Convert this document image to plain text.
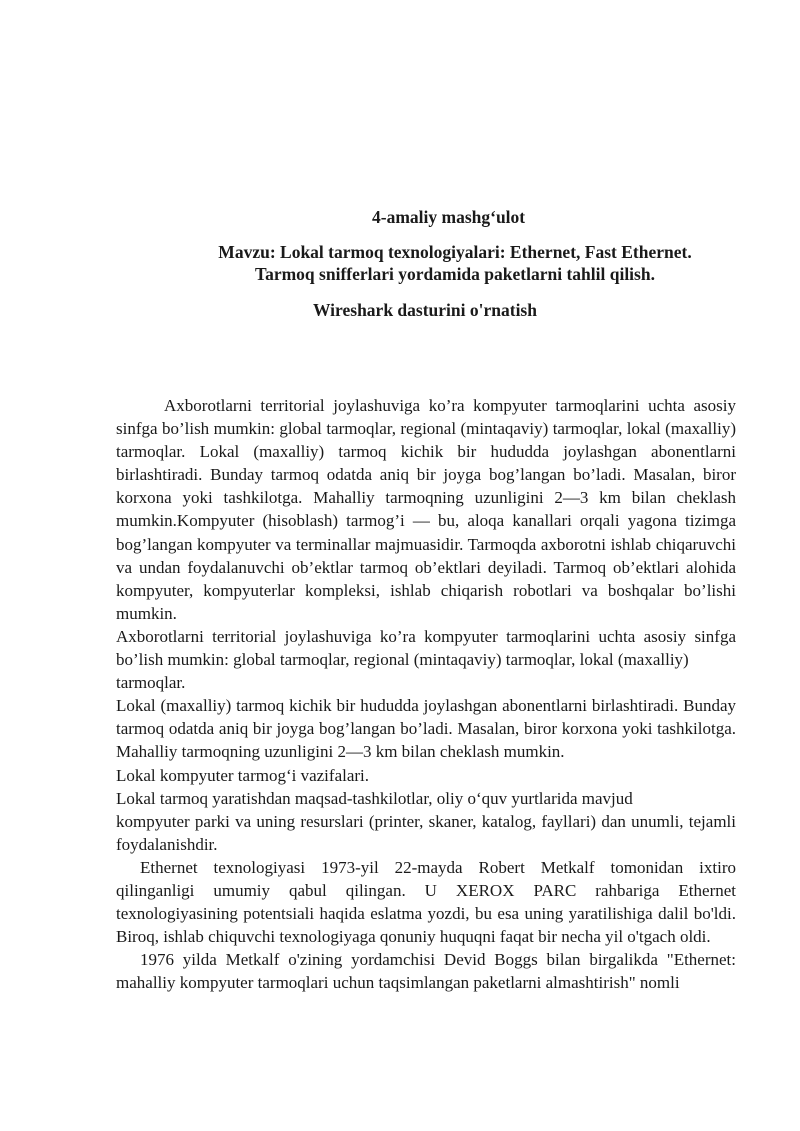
4-amaliy mashg‘ulot
Mavzu: Lokal tarmoq texnologiyalari: Ethernet, Fast Ethernet.
Tarmoq snifferlari yordamida paketlarni tahlil qilish.
Wireshark dasturini o'rnatish

Axborotlarni territorial joylashuviga ko’ra kompyuter tarmoqlarini uchta asosiy sinfga bo’lish mumkin: global tarmoqlar, regional (mintaqaviy) tarmoqlar, lokal (maxalliy) tarmoqlar. Lokal (maxalliy) tarmoq kichik bir hududda joylashgan abonentlarni birlashtiradi. Bunday tarmoq odatda aniq bir joyga bog’langan bo’ladi. Masalan, biror korxona yoki tashkilotga. Mahalliy tarmoqning uzunligini 2—3 km bilan cheklash mumkin.Kompyuter (hisoblash) tarmog’i — bu, aloqa kanallari orqali yagona tizimga bog’langan kompyuter va terminallar majmuasidir. Tarmoqda axborotni ishlab chiqaruvchi va undan foydalanuvchi ob’ektlar tarmoq ob’ektlari deyiladi. Tarmoq ob’ektlari alohida kompyuter, kompyuterlar kompleksi, ishlab chiqarish robotlari va boshqalar bo’lishi mumkin.

Axborotlarni territorial joylashuviga ko’ra kompyuter tarmoqlarini uchta asosiy sinfga bo’lish mumkin: global tarmoqlar, regional (mintaqaviy) tarmoqlar, lokal (maxalliy)

tarmoqlar.

Lokal (maxalliy) tarmoq kichik bir hududda joylashgan abonentlarni birlashtiradi. Bunday tarmoq odatda aniq bir joyga bog’langan bo’ladi. Masalan, biror korxona yoki tashkilotga. Mahalliy tarmoqning uzunligini 2—3 km bilan cheklash mumkin.

Lokal kompyuter tarmog‘i vazifalari.

Lokal tarmoq yaratishdan maqsad-tashkilotlar, oliy o‘quv yurtlarida mavjud

kompyuter parki va uning resurslari (printer, skaner, katalog, fayllari) dan unumli, tejamli foydalanishdir.

Ethernet texnologiyasi 1973-yil 22-mayda Robert Metkalf tomonidan ixtiro qilinganligi umumiy qabul qilingan. U XEROX PARC rahbariga Ethernet texnologiyasining potentsiali haqida eslatma yozdi, bu esa uning yaratilishiga dalil bo'ldi. Biroq, ishlab chiquvchi texnologiyaga qonuniy huquqni faqat bir necha yil o'tgach oldi.

1976 yilda Metkalf o'zining yordamchisi Devid Boggs bilan birgalikda "Ethernet: mahalliy kompyuter tarmoqlari uchun taqsimlangan paketlarni almashtirish" nomli
